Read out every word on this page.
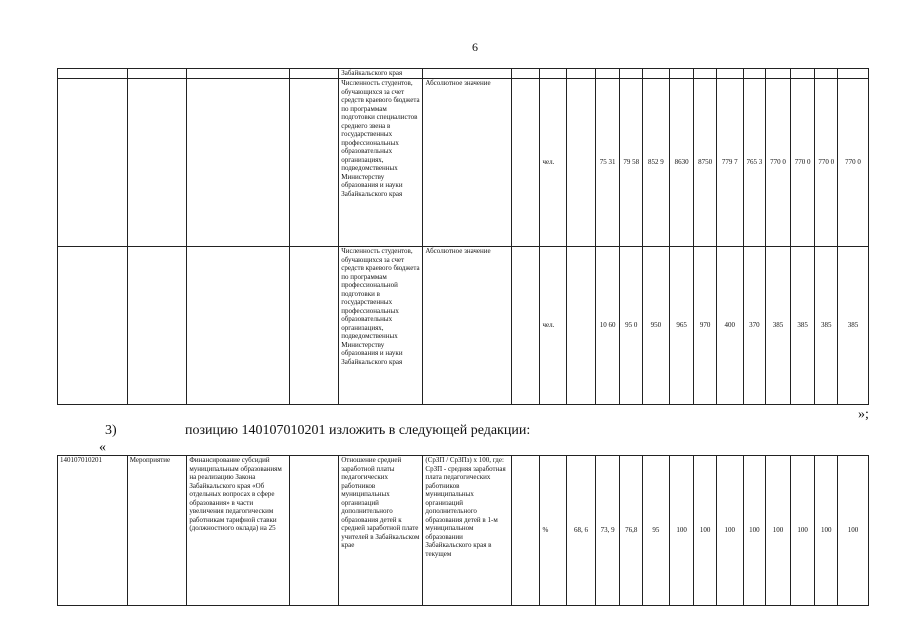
6
				Забайкальского края															
				Численность студентов, обучающихся за счет средств краевого бюджета по программам подготовки специалистов среднего звена в государственных профессиональных образовательных организациях, подведомственных Министерству образования и науки Забайкальского края	Абсолютное значение		чел.		75 31	79 58	852 9	8630	8750	779 7	765 3	770 0	770 0	770 0	770 0
				Численность студентов, обучающихся за счет средств краевого бюджета по программам профессиональной подготовки в государственных профессиональных образовательных организациях, подведомственных Министерству образования и науки Забайкальского края	Абсолютное значение		чел.		10 60	95 0	950	965	970	400	370	385	385	385	385
»;
3)	позицию 140107010201 изложить в следующей редакции:
«
140107010201	Мероприятие	Финансирование субсидий муниципальным образованиям на реализацию Закона Забайкальского края «Об отдельных вопросах в сфере образования» в части увеличения педагогическим работникам тарифной ставки (должностного оклада) на 25		Отношение средней заработной платы педагогических работников муниципальных организаций дополнительного образования детей к средней заработной плате учителей в Забайкальском крае	(СрЗП / СрЗПз) x 100, где: СрЗП - средняя заработная плата педагогических работников муниципальных организаций дополнительного образования детей в 1-м муниципальном образовании Забайкальского края в текущем		%	68, 6	73, 9	76,8	95	100	100	100	100	100	100	100	100
